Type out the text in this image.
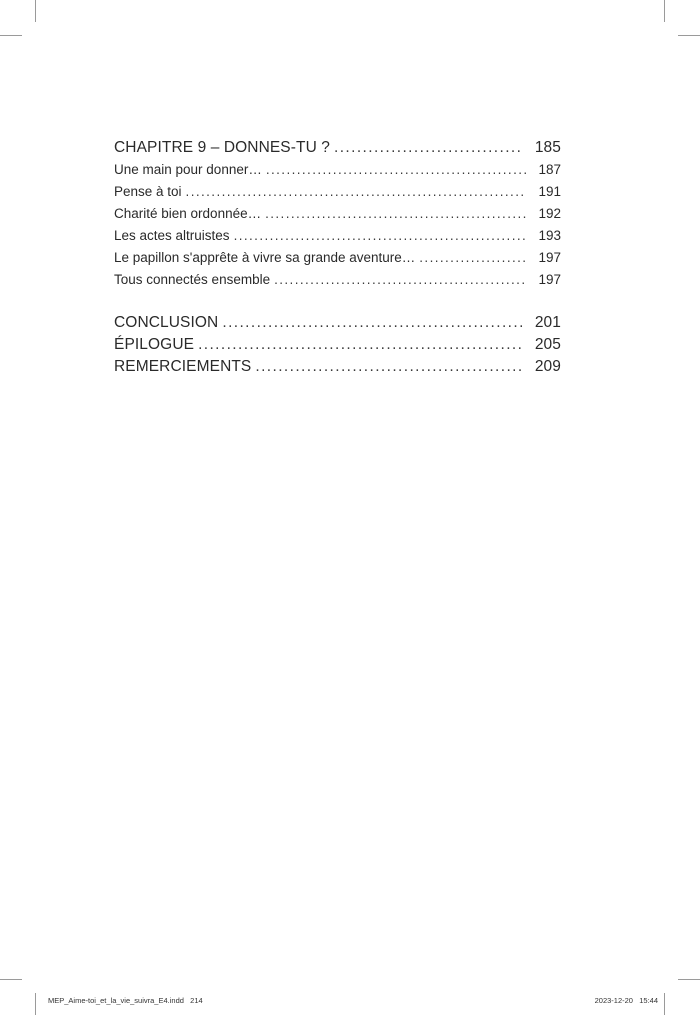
CHAPITRE 9 – DONNES-TU ? .....	185
Une main pour donner… .....	187
Pense à toi .....	191
Charité bien ordonnée… .....	192
Les actes altruistes .....	193
Le papillon s'apprête à vivre sa grande aventure… .....	197
Tous connectés ensemble .....	197
CONCLUSION .....	201
ÉPILOGUE .....	205
REMERCIEMENTS .....	209
MEP_Aime-toi_et_la_vie_suivra_E4.indd   214	2023-12-20   15:44
